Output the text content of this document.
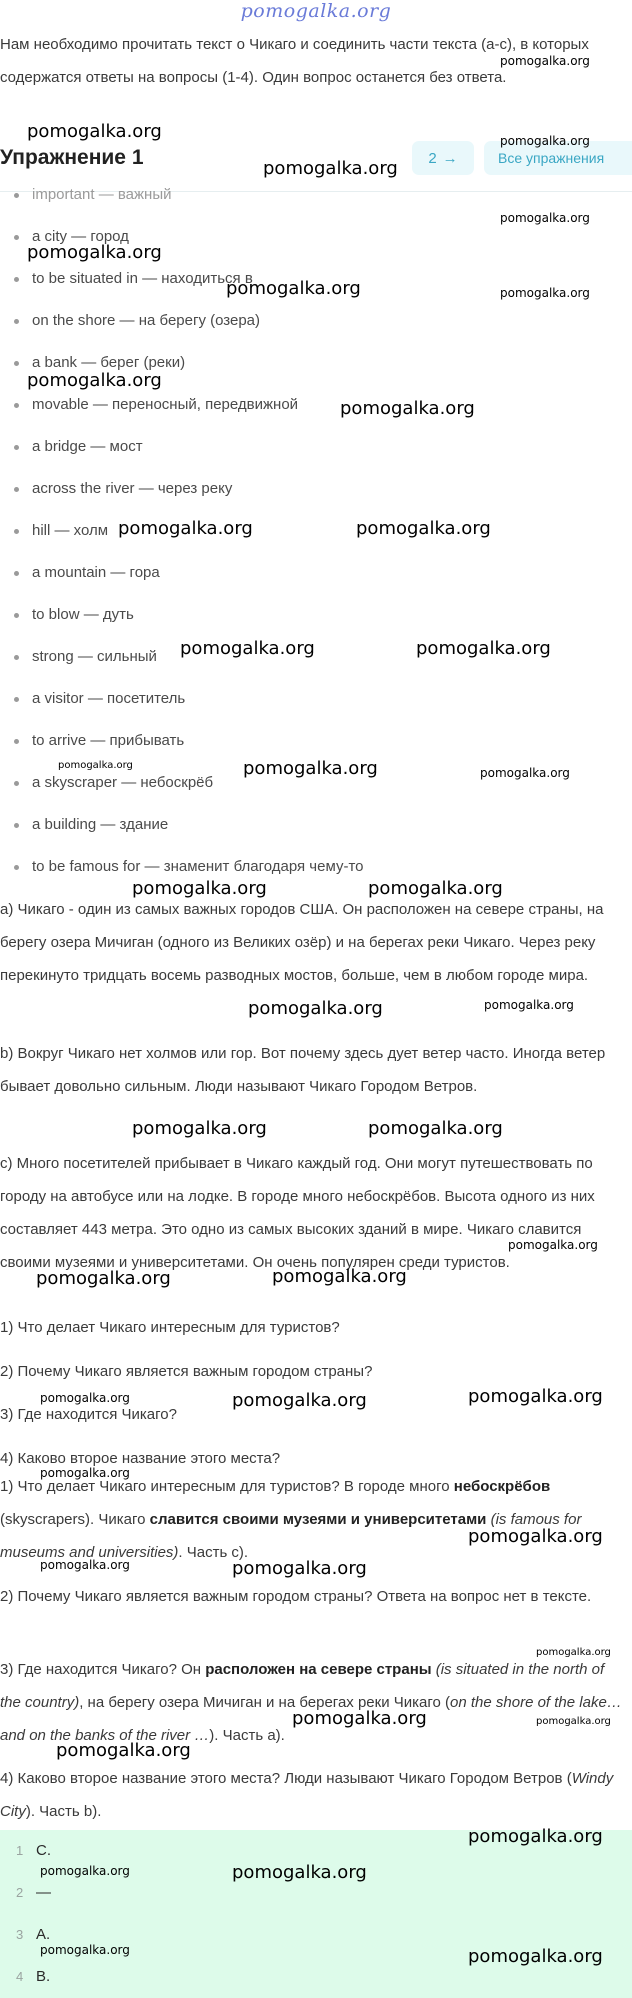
pomogalka.org
Нам необходимо прочитать текст о Чикаго и соединить части текста (a-c), в которых содержатся ответы на вопросы (1-4). Один вопрос останется без ответа.
Упражнение 1	2 →	Все упражнения
important — важный
a city — город
to be situated in — находиться в
on the shore — на берегу (озера)
a bank — берег (реки)
movable — переносный, передвижной
a bridge — мост
across the river — через реку
hill — холм
a mountain — гора
to blow — дуть
strong — сильный
a visitor — посетитель
to arrive — прибывать
a skyscraper — небоскрёб
a building — здание
to be famous for — знаменит благодаря чему-то
a) Чикаго - один из самых важных городов США. Он расположен на севере страны, на берегу озера Мичиган (одного из Великих озёр) и на берегах реки Чикаго. Через реку перекинуто тридцать восемь разводных мостов, больше, чем в любом городе мира.
b) Вокруг Чикаго нет холмов или гор. Вот почему здесь дует ветер часто. Иногда ветер бывает довольно сильным. Люди называют Чикаго Городом Ветров.
c) Много посетителей прибывает в Чикаго каждый год. Они могут путешествовать по городу на автобусе или на лодке. В городе много небоскрёбов. Высота одного из них составляет 443 метра. Это одно из самых высоких зданий в мире. Чикаго славится своими музеями и университетами. Он очень популярен среди туристов.
1) Что делает Чикаго интересным для туристов?
2) Почему Чикаго является важным городом страны?
3) Где находится Чикаго?
4) Каково второе название этого места?
1) Что делает Чикаго интересным для туристов? В городе много небоскрёбов (skyscrapers). Чикаго славится своими музеями и университетами (is famous for museums and universities). Часть c).
2) Почему Чикаго является важным городом страны? Ответа на вопрос нет в тексте.
3) Где находится Чикаго? Он расположен на севере страны (is situated in the north of the country), на берегу озера Мичиган и на берегах реки Чикаго (on the shore of the lake… and on the banks of the river …). Часть a).
4) Каково второе название этого места? Люди называют Чикаго Городом Ветров (Windy City). Часть b).
1 C.
2 —
3 A.
4 B.
pomogalka.org
pomogalka.org	pomogalka.org
pomogalka.org
pomogalka.org
pomogalka.org
pomogalka.org	pomogalka.org
pomogalka.org
pomogalka.org
pomogalka.org	pomogalka.org
pomogalka.org	pomogalka.org
pomogalka.org	pomogalka.org	pomogalka.org
pomogalka.org	pomogalka.org
pomogalka.org	pomogalka.org
pomogalka.org	pomogalka.org
pomogalka.org
pomogalka.org	pomogalka.org
pomogalka.org	pomogalka.org	pomogalka.org
pomogalka.org
pomogalka.org
pomogalka.org	pomogalka.org
pomogalka.org
pomogalka.org
pomogalka.org
pomogalka.org
pomogalka.org
pomogalka.org	pomogalka.org
pomogalka.org	pomogalka.org
